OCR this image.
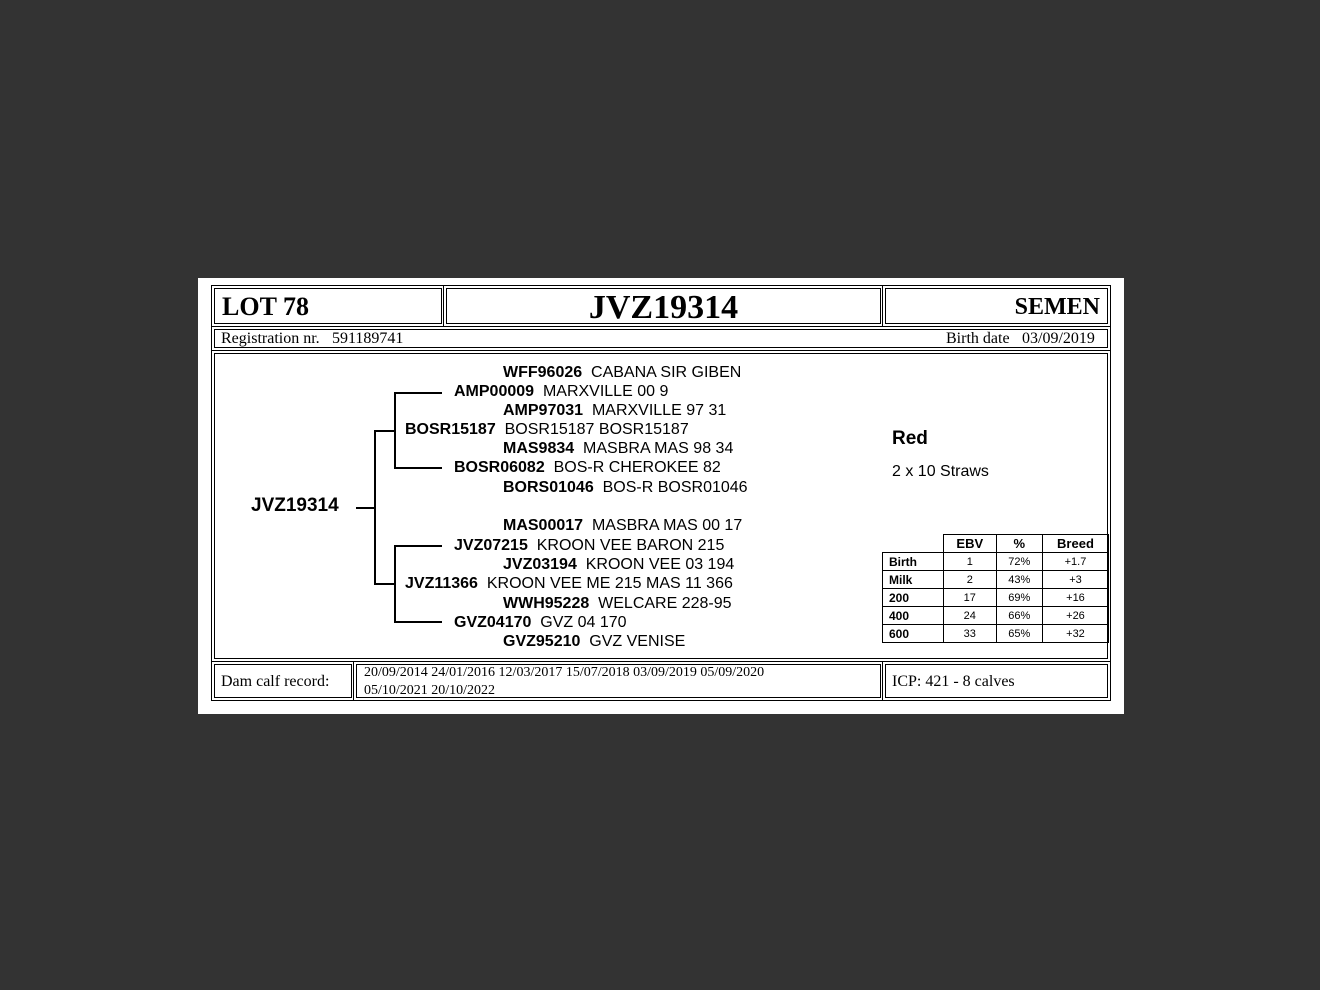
LOT 78	JVZ19314	SEMEN
Registration nr. 591189741	Birth date 03/09/2019
WFF96026 CABANA SIR GIBEN
AMP00009 MARXVILLE 00 9
AMP97031 MARXVILLE 97 31
BOSR15187 BOSR15187 BOSR15187
MAS9834 MASBRA MAS 98 34
BOSR06082 BOS-R CHEROKEE 82
BORS01046 BOS-R BOSR01046
JVZ19314
MAS00017 MASBRA MAS 00 17
JVZ07215 KROON VEE BARON 215
JVZ03194 KROON VEE 03 194
JVZ11366 KROON VEE ME 215 MAS 11 366
WWH95228 WELCARE 228-95
GVZ04170 GVZ 04 170
GVZ95210 GVZ VENISE
Red
2 x 10 Straws
	EBV	%	Breed
Birth	1	72%	+1.7
Milk	2	43%	+3
200	17	69%	+16
400	24	66%	+26
600	33	65%	+32
Dam calf record:
20/09/2014 24/01/2016 12/03/2017 15/07/2018 03/09/2019 05/09/2020
05/10/2021 20/10/2022
ICP: 421 - 8 calves
